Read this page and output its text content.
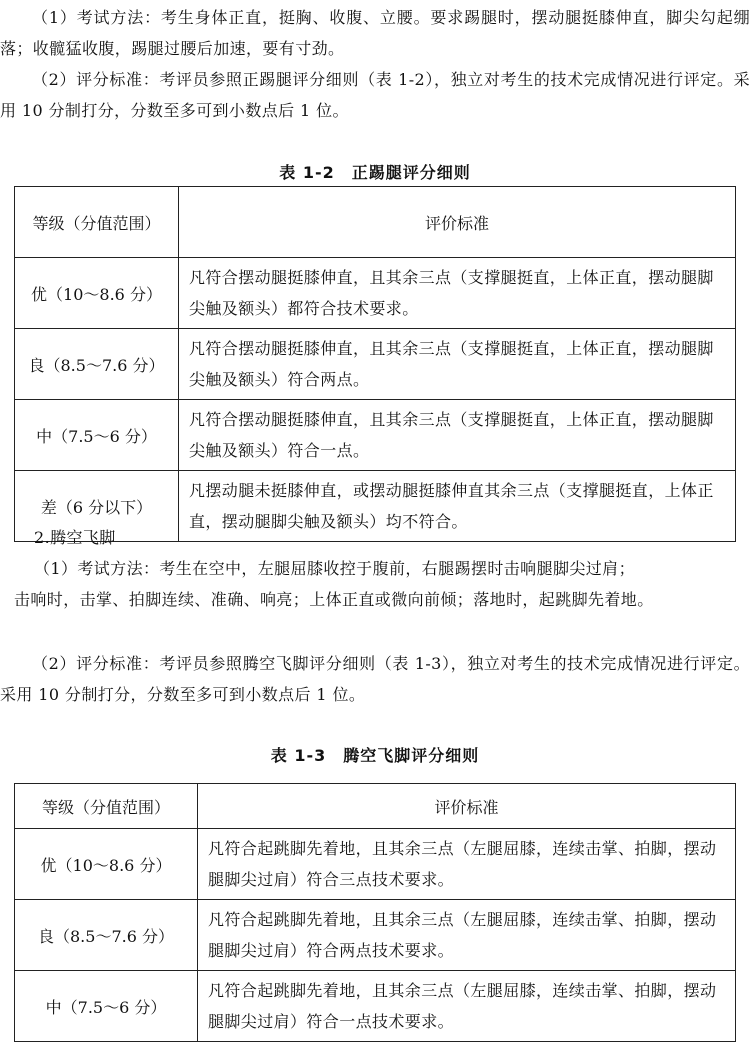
（1）考试方法：考生身体正直，挺胸、收腹、立腰。要求踢腿时，摆动腿挺膝伸直，脚尖勾起绷落；收髋猛收腹，踢腿过腰后加速，要有寸劲。

（2）评分标准：考评员参照正踢腿评分细则（表 1-2），独立对考生的技术完成情况进行评定。采用 10 分制打分，分数至多可到小数点后 1 位。

表 1-2　正踢腿评分细则
等级（分值范围）	评价标准
优（10～8.6 分）	凡符合摆动腿挺膝伸直，且其余三点（支撑腿挺直，上体正直，摆动腿脚尖触及额头）都符合技术要求。
良（8.5～7.6 分）	凡符合摆动腿挺膝伸直，且其余三点（支撑腿挺直，上体正直，摆动腿脚尖触及额头）符合两点。
中（7.5～6 分）	凡符合摆动腿挺膝伸直，且其余三点（支撑腿挺直，上体正直，摆动腿脚尖触及额头）符合一点。
差（6 分以下）	凡摆动腿未挺膝伸直，或摆动腿挺膝伸直其余三点（支撑腿挺直，上体正直，摆动腿脚尖触及额头）均不符合。

2.腾空飞脚

（1）考试方法：考生在空中，左腿屈膝收控于腹前，右腿踢摆时击响腿脚尖过肩；

击响时，击掌、拍脚连续、准确、响亮；上体正直或微向前倾；落地时，起跳脚先着地。

（2）评分标准：考评员参照腾空飞脚评分细则（表 1-3），独立对考生的技术完成情况进行评定。采用 10 分制打分，分数至多可到小数点后 1 位。

表 1-3　腾空飞脚评分细则
等级（分值范围）	评价标准
优（10～8.6 分）	凡符合起跳脚先着地，且其余三点（左腿屈膝，连续击掌、拍脚，摆动腿脚尖过肩）符合三点技术要求。
良（8.5～7.6 分）	凡符合起跳脚先着地，且其余三点（左腿屈膝，连续击掌、拍脚，摆动腿脚尖过肩）符合两点技术要求。
中（7.5～6 分）	凡符合起跳脚先着地，且其余三点（左腿屈膝，连续击掌、拍脚，摆动腿脚尖过肩）符合一点技术要求。
